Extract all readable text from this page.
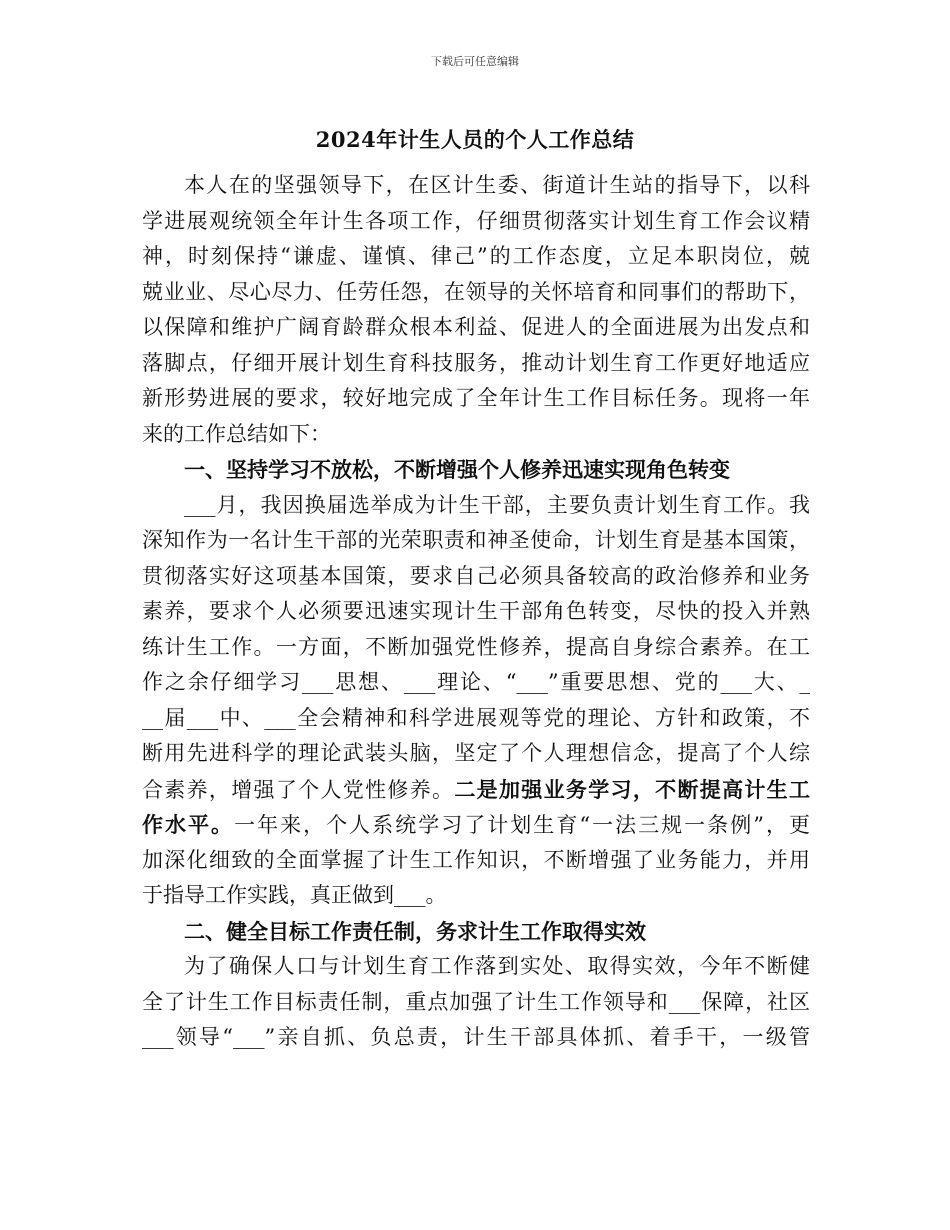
下载后可任意编辑
2024年计生人员的个人工作总结
本人在的坚强领导下，在区计生委、街道计生站的指导下，以科
学进展观统领全年计生各项工作，仔细贯彻落实计划生育工作会议精
神，时刻保持“谦虚、谨慎、律己”的工作态度，立足本职岗位，兢
兢业业、尽心尽力、任劳任怨，在领导的关怀培育和同事们的帮助下，
以保障和维护广阔育龄群众根本利益、促进人的全面进展为出发点和
落脚点，仔细开展计划生育科技服务，推动计划生育工作更好地适应
新形势进展的要求，较好地完成了全年计生工作目标任务。现将一年
来的工作总结如下：
一、坚持学习不放松，不断增强个人修养迅速实现角色转变
___月，我因换届选举成为计生干部，主要负责计划生育工作。我
深知作为一名计生干部的光荣职责和神圣使命，计划生育是基本国策，
贯彻落实好这项基本国策，要求自己必须具备较高的政治修养和业务
素养，要求个人必须要迅速实现计生干部角色转变，尽快的投入并熟
练计生工作。一方面，不断加强党性修养，提高自身综合素养。在工
作之余仔细学习___思想、___理论、“___”重要思想、党的___大、_
__届___中、___全会精神和科学进展观等党的理论、方针和政策，不
断用先进科学的理论武装头脑，坚定了个人理想信念，提高了个人综
合素养，增强了个人党性修养。二是加强业务学习，不断提高计生工
作水平。一年来，个人系统学习了计划生育“一法三规一条例”，更
加深化细致的全面掌握了计生工作知识，不断增强了业务能力，并用
于指导工作实践，真正做到___。
二、健全目标工作责任制，务求计生工作取得实效
为了确保人口与计划生育工作落到实处、取得实效，今年不断健
全了计生工作目标责任制，重点加强了计生工作领导和___保障，社区
___领导“___”亲自抓、负总责，计生干部具体抓、着手干，一级管
